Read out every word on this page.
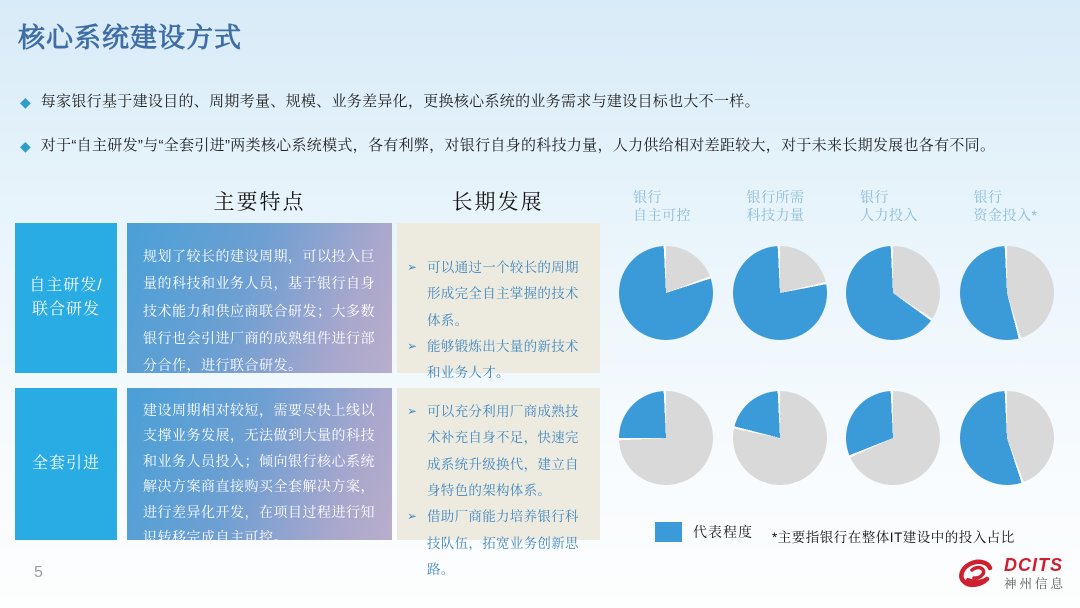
核心系统建设方式
◆ 每家银行基于建设目的、周期考量、规模、业务差异化，更换核心系统的业务需求与建设目标也大不一样。
◆ 对于“自主研发”与“全套引进”两类核心系统模式，各有利弊，对银行自身的科技力量，人力供给相对差距较大，对于未来长期发展也各有不同。
主要特点	长期发展
自主研发/联合研发
规划了较长的建设周期，可以投入巨量的科技和业务人员，基于银行自身技术能力和供应商联合研发；大多数银行也会引进厂商的成熟组件进行部分合作，进行联合研发。
➢ 可以通过一个较长的周期形成完全自主掌握的技术体系。
➢ 能够锻炼出大量的新技术和业务人才。
全套引进
建设周期相对较短，需要尽快上线以支撑业务发展，无法做到大量的科技和业务人员投入；倾向银行核心系统解决方案商直接购买全套解决方案，进行差异化开发，在项目过程进行知识转移完成自主可控。
➢ 可以充分利用厂商成熟技术补充自身不足，快速完成系统升级换代，建立自身特色的架构体系。
➢ 借助厂商能力培养银行科技队伍，拓宽业务创新思路。
银行
自主可控
银行所需
科技力量
银行
人力投入
银行
资金投入*
代表程度 *主要指银行在整体IT建设中的投入占比
5	DCITS
神州信息
